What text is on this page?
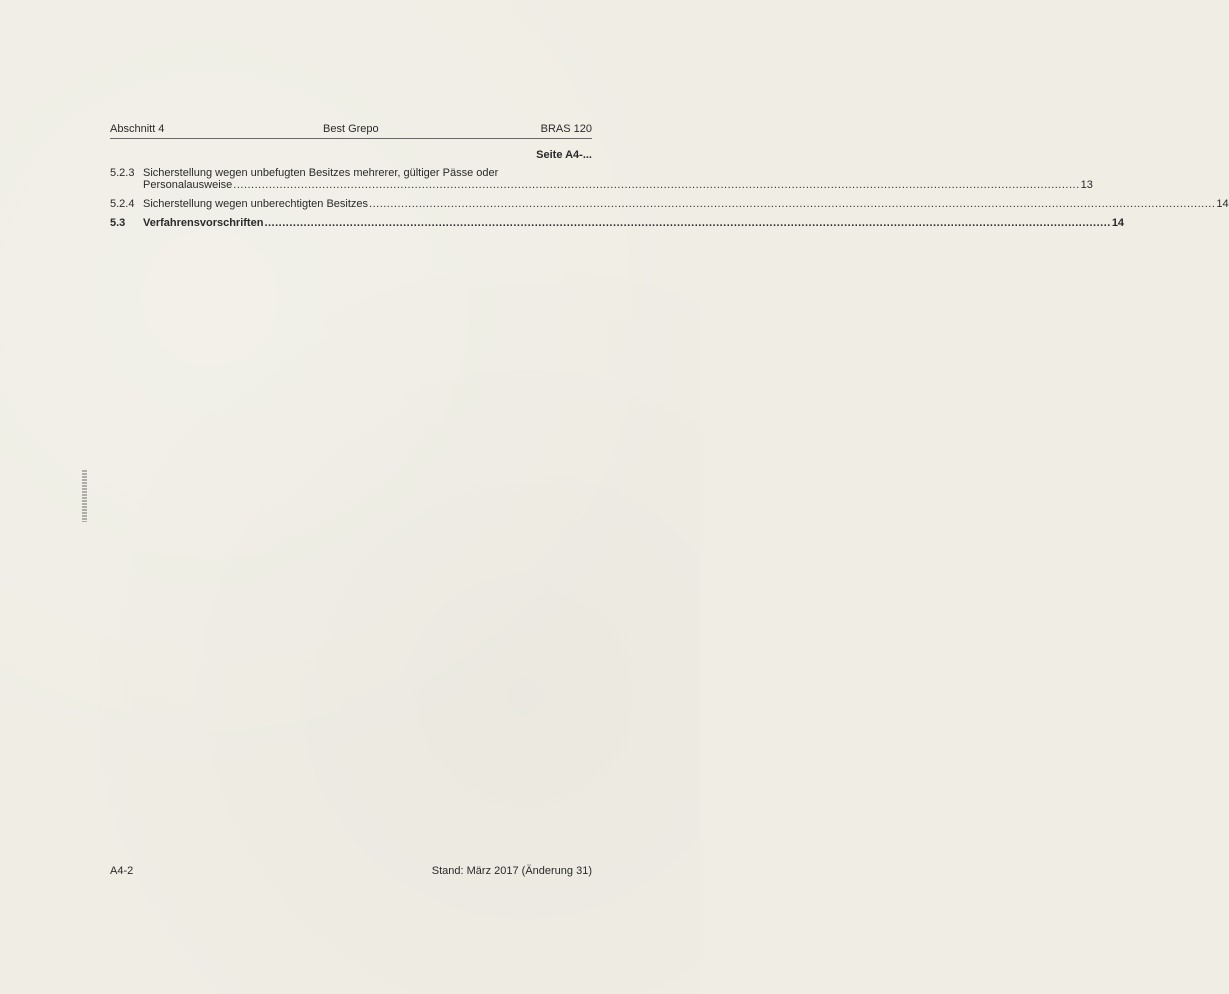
Abschnitt 4	Best Grepo	BRAS 120
Seite A4-...
5.2.3 Sicherstellung wegen unbefugten Besitzes mehrerer, gültiger Pässe oder
Personalausweise .....	13
5.2.4 Sicherstellung wegen unberechtigten Besitzes .....	14
5.3	Verfahrensvorschriften .....	14
A4-2	Stand: März 2017 (Änderung 31)
